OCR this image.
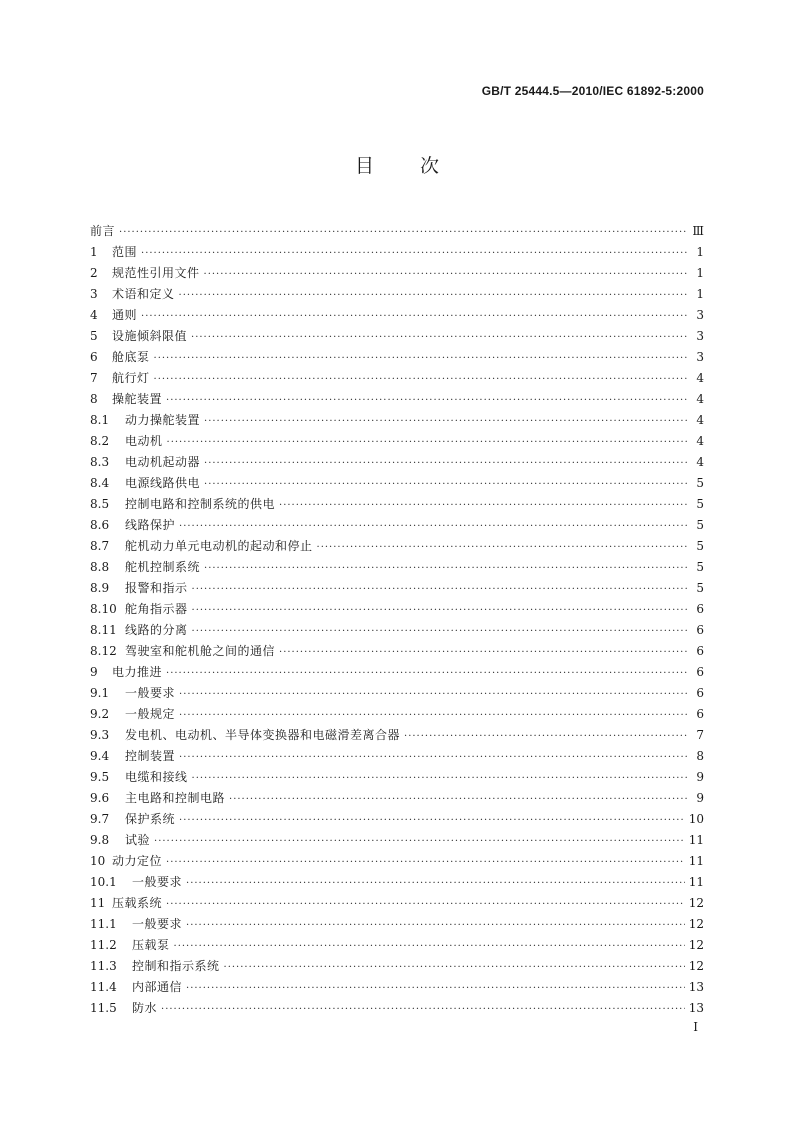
GB/T 25444.5—2010/IEC 61892-5:2000
目 次
前言 ·····	Ⅲ
1	范围 ·····	1
2	规范性引用文件 ·····	1
3	术语和定义 ·····	1
4	通则 ·····	3
5	设施倾斜限值 ·····	3
6	舱底泵 ·····	3
7	航行灯 ·····	4
8	操舵装置 ·····	4
8.1	动力操舵装置 ·····	4
8.2	电动机 ·····	4
8.3	电动机起动器 ·····	4
8.4	电源线路供电 ·····	5
8.5	控制电路和控制系统的供电 ·····	5
8.6	线路保护 ·····	5
8.7	舵机动力单元电动机的起动和停止 ·····	5
8.8	舵机控制系统 ·····	5
8.9	报警和指示 ·····	5
8.10 舵角指示器 ·····	6
8.11 线路的分离 ·····	6
8.12 驾驶室和舵机舱之间的通信 ·····	6
9	电力推进 ·····	6
9.1	一般要求 ·····	6
9.2	一般规定 ·····	6
9.3	发电机、电动机、半导体变换器和电磁滑差离合器 ·····	7
9.4	控制装置 ·····	8
9.5	电缆和接线 ·····	9
9.6	主电路和控制电路 ·····	9
9.7	保护系统 ·····	10
9.8	试验 ·····	11
10 动力定位 ·····	11
10.1	一般要求 ·····	11
11 压载系统 ·····	12
11.1	一般要求 ·····	12
11.2	压载泵 ·····	12
11.3	控制和指示系统 ·····	12
11.4	内部通信 ·····	13
11.5	防水 ·····	13
Ⅰ
